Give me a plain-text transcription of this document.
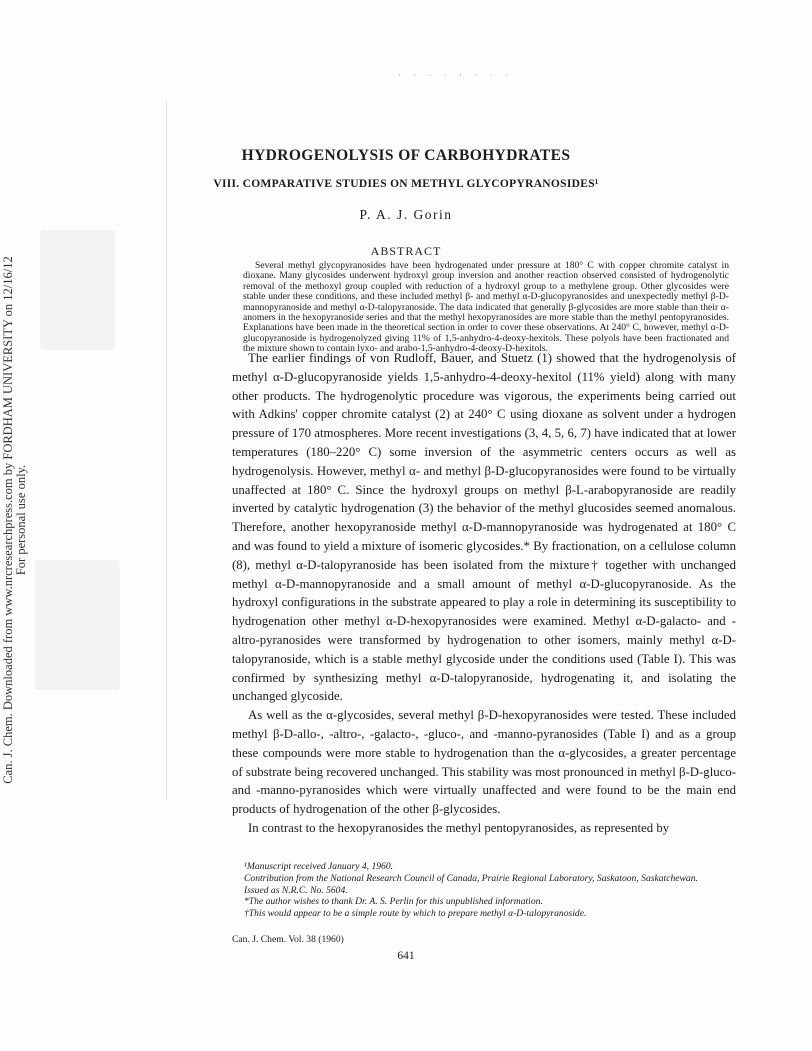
Can. J. Chem. Downloaded from www.nrcresearchpress.com by FORDHAM UNIVERSITY on 12/16/12 For personal use only.
· · · · · · · ·
HYDROGENOLYSIS OF CARBOHYDRATES
VIII. COMPARATIVE STUDIES ON METHYL GLYCOPYRANOSIDES¹

P. A. J. Gorin

ABSTRACT

Several methyl glycopyranosides have been hydrogenated under pressure at 180° C with copper chromite catalyst in dioxane. Many glycosides underwent hydroxyl group inversion and another reaction observed consisted of hydrogenolytic removal of the methoxyl group coupled with reduction of a hydroxyl group to a methylene group. Other glycosides were stable under these conditions, and these included methyl β- and methyl α-D-glucopyranosides and unexpectedly methyl β-D-mannopyranoside and methyl α-D-talopyranoside. The data indicated that generally β-glycosides are more stable than their α-anomers in the hexopyranoside series and that the methyl hexopyranosides are more stable than the methyl pentopyranosides. Explanations have been made in the theoretical section in order to cover these observations. At 240° C, however, methyl α-D-glucopyranoside is hydrogenolyzed giving 11% of 1,5-anhydro-4-deoxy-hexitols. These polyols have been fractionated and the mixture shown to contain lyxo- and arabo-1,5-anhydro-4-deoxy-D-hexitols.

The earlier findings of von Rudloff, Bauer, and Stuetz (1) showed that the hydrogenolysis of methyl α-D-glucopyranoside yields 1,5-anhydro-4-deoxy-hexitol (11% yield) along with many other products. The hydrogenolytic procedure was vigorous, the experiments being carried out with Adkins' copper chromite catalyst (2) at 240° C using dioxane as solvent under a hydrogen pressure of 170 atmospheres. More recent investigations (3, 4, 5, 6, 7) have indicated that at lower temperatures (180–220° C) some inversion of the asymmetric centers occurs as well as hydrogenolysis. However, methyl α- and methyl β-D-glucopyranosides were found to be virtually unaffected at 180° C. Since the hydroxyl groups on methyl β-L-arabopyranoside are readily inverted by catalytic hydrogenation (3) the behavior of the methyl glucosides seemed anomalous. Therefore, another hexopyranoside methyl α-D-mannopyranoside was hydrogenated at 180° C and was found to yield a mixture of isomeric glycosides.* By fractionation, on a cellulose column (8), methyl α-D-talopyranoside has been isolated from the mixture† together with unchanged methyl α-D-mannopyranoside and a small amount of methyl α-D-glucopyranoside. As the hydroxyl configurations in the substrate appeared to play a role in determining its susceptibility to hydrogenation other methyl α-D-hexopyranosides were examined. Methyl α-D-galacto- and -altro-pyranosides were transformed by hydrogenation to other isomers, mainly methyl α-D-talopyranoside, which is a stable methyl glycoside under the conditions used (Table I). This was confirmed by synthesizing methyl α-D-talopyranoside, hydrogenating it, and isolating the unchanged glycoside.

As well as the α-glycosides, several methyl β-D-hexopyranosides were tested. These included methyl β-D-allo-, -altro-, -galacto-, -gluco-, and -manno-pyranosides (Table I) and as a group these compounds were more stable to hydrogenation than the α-glycosides, a greater percentage of substrate being recovered unchanged. This stability was most pronounced in methyl β-D-gluco- and -manno-pyranosides which were virtually unaffected and were found to be the main end products of hydrogenation of the other β-glycosides.

In contrast to the hexopyranosides the methyl pentopyranosides, as represented by

¹Manuscript received January 4, 1960.

Contribution from the National Research Council of Canada, Prairie Regional Laboratory, Saskatoon, Saskatchewan.

Issued as N.R.C. No. 5604.

*The author wishes to thank Dr. A. S. Perlin for this unpublished information.

†This would appear to be a simple route by which to prepare methyl α-D-talopyranoside.

Can. J. Chem. Vol. 38 (1960)

641
